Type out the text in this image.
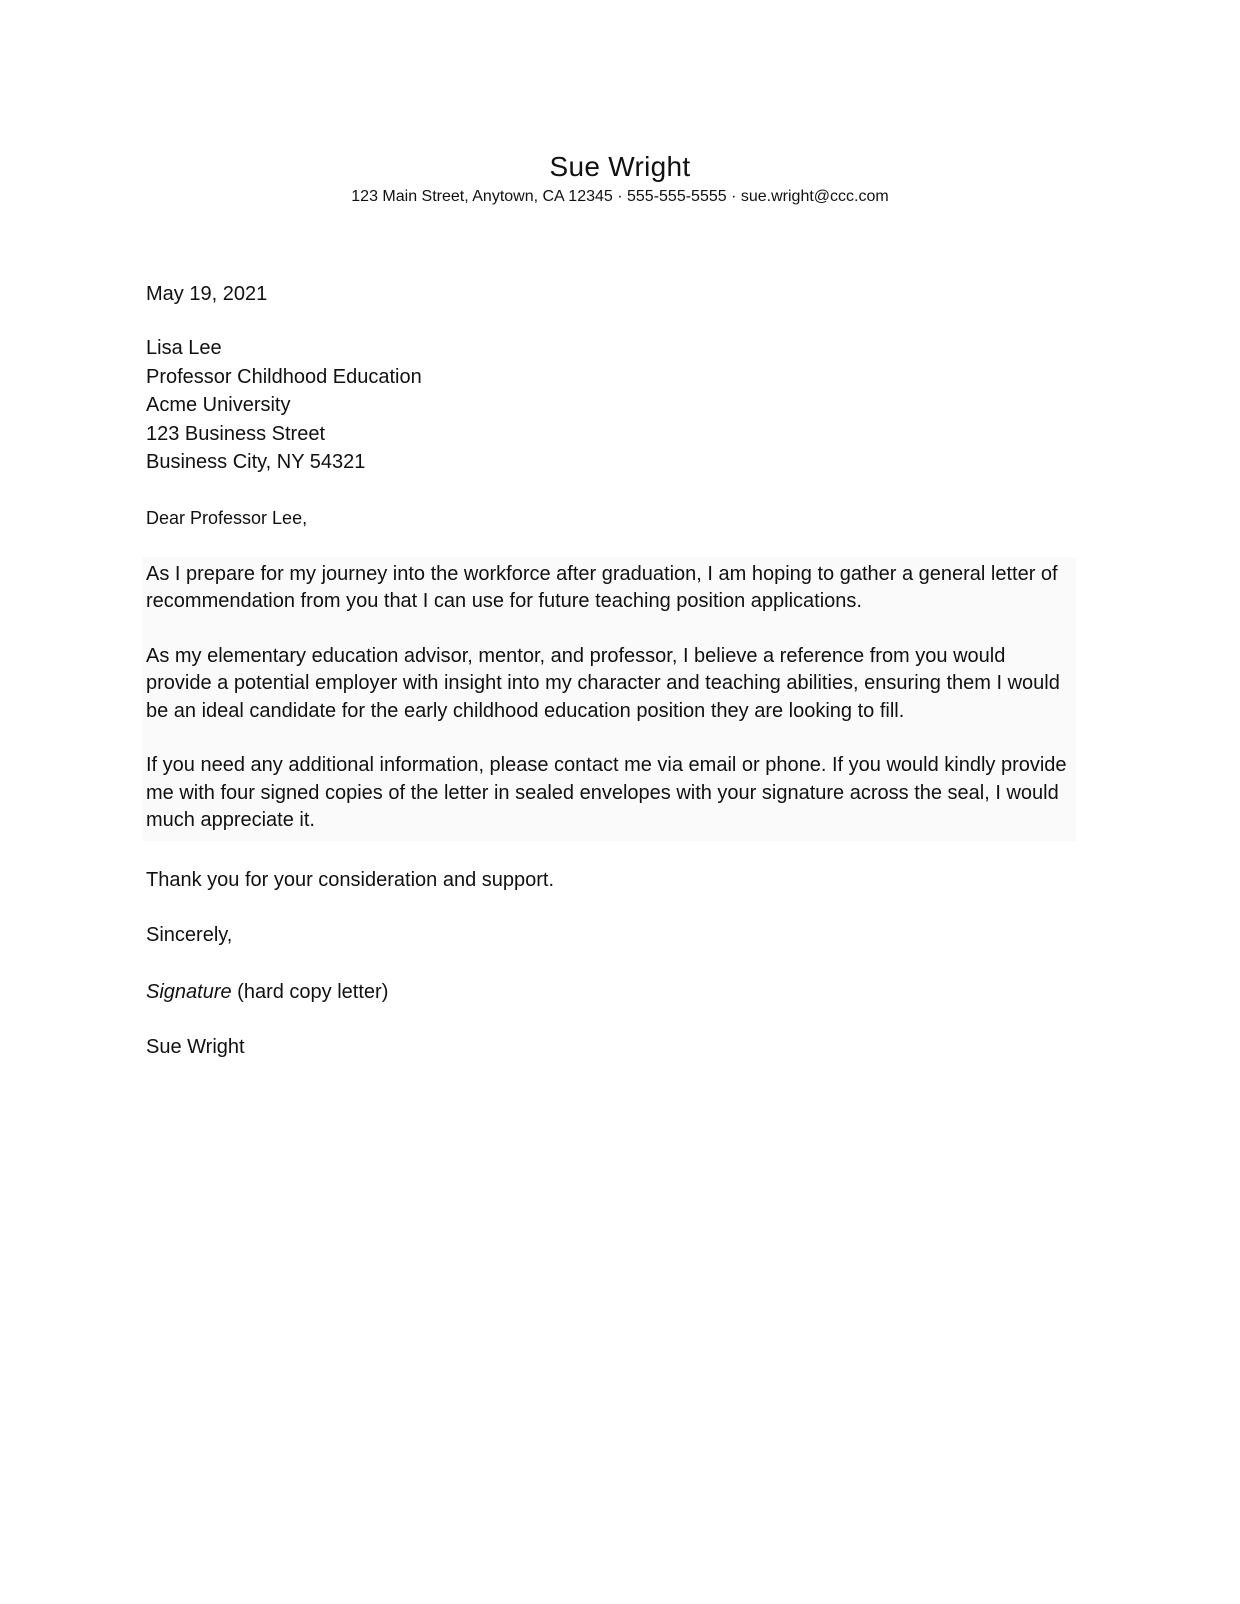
Sue Wright
123 Main Street, Anytown, CA 12345 · 555-555-5555 · sue.wright@ccc.com
May 19, 2021
Lisa Lee
Professor Childhood Education
Acme University
123 Business Street
Business City, NY 54321
Dear Professor Lee,

As I prepare for my journey into the workforce after graduation, I am hoping to gather a general letter of recommendation from you that I can use for future teaching position applications.

As my elementary education advisor, mentor, and professor, I believe a reference from you would provide a potential employer with insight into my character and teaching abilities, ensuring them I would be an ideal candidate for the early childhood education position they are looking to fill.

If you need any additional information, please contact me via email or phone. If you would kindly provide me with four signed copies of the letter in sealed envelopes with your signature across the seal, I would much appreciate it.

Thank you for your consideration and support.
Sincerely,
Signature (hard copy letter)
Sue Wright
